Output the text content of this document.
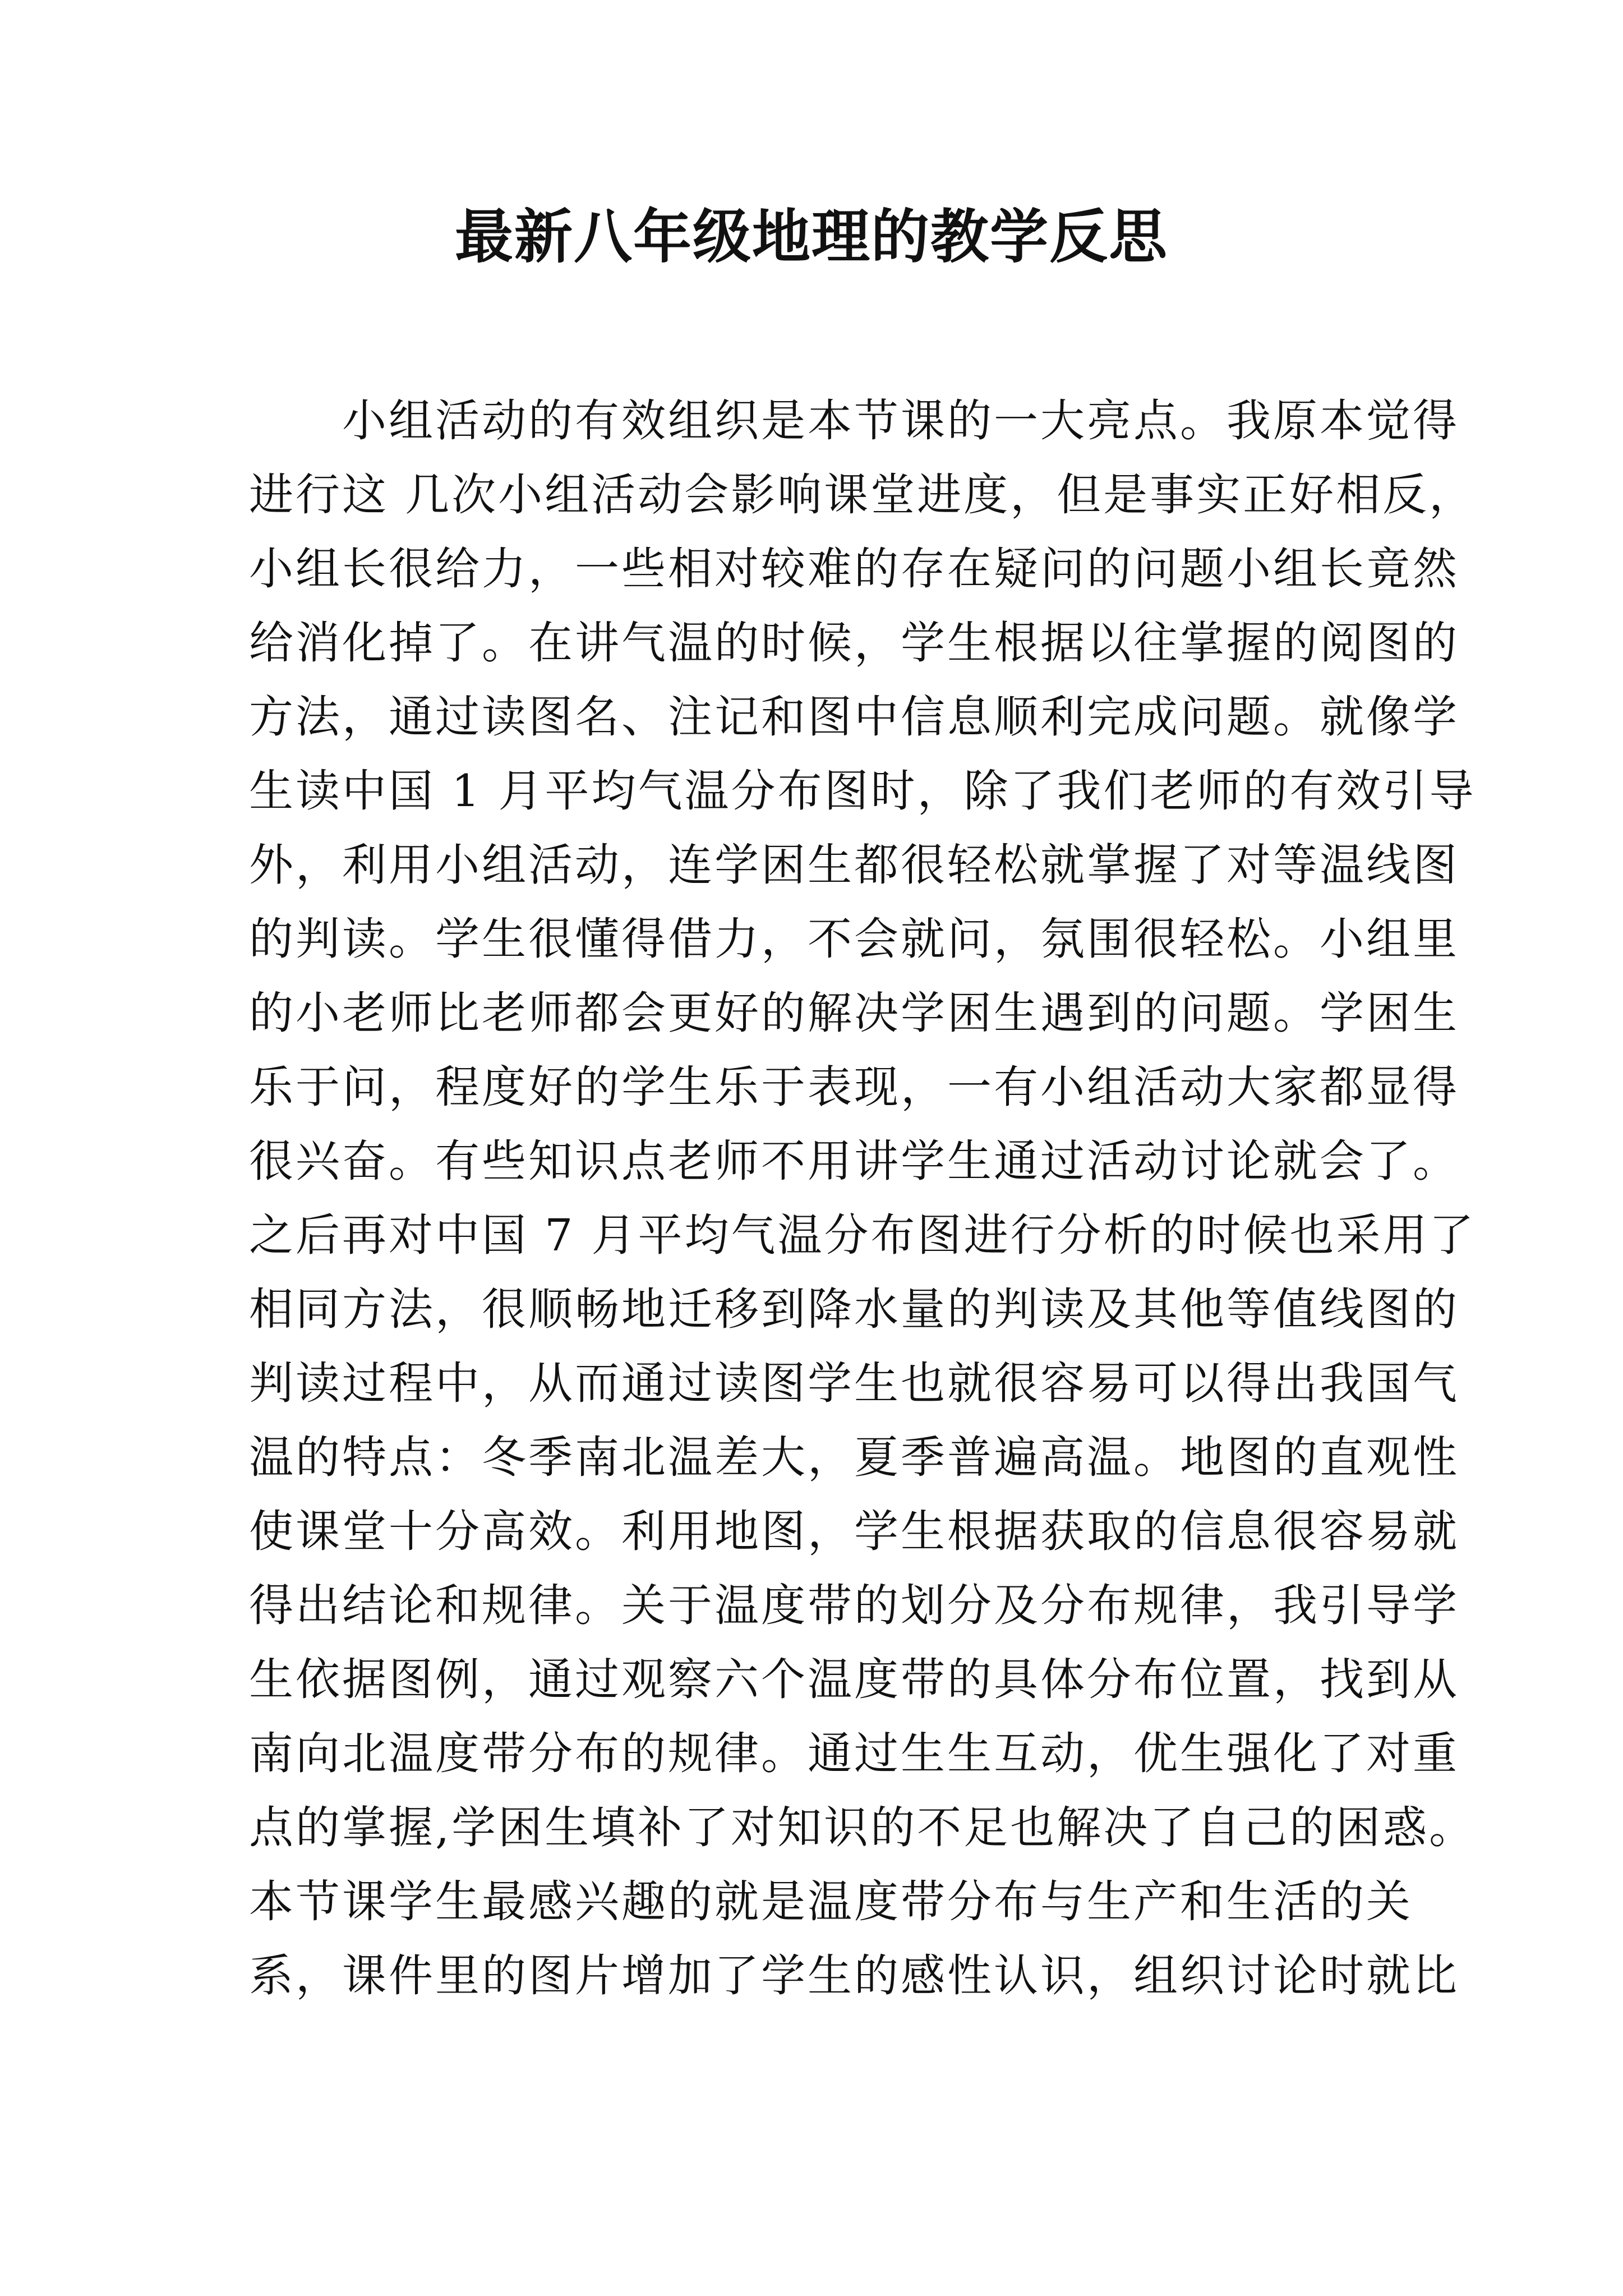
最新八年级地理的教学反思

　　小组活动的有效组织是本节课的一大亮点。我原本觉得

进行这 几次小组活动会影响课堂进度，但是事实正好相反，

小组长很给力，一些相对较难的存在疑问的问题小组长竟然

给消化掉了。在讲气温的时候，学生根据以往掌握的阅图的

方法，通过读图名、注记和图中信息顺利完成问题。就像学

生读中国 1 月平均气温分布图时，除了我们老师的有效引导

外，利用小组活动，连学困生都很轻松就掌握了对等温线图

的判读。学生很懂得借力，不会就问，氛围很轻松。小组里

的小老师比老师都会更好的解决学困生遇到的问题。学困生

乐于问，程度好的学生乐于表现，一有小组活动大家都显得

很兴奋。有些知识点老师不用讲学生通过活动讨论就会了。

之后再对中国 7 月平均气温分布图进行分析的时候也采用了

相同方法，很顺畅地迁移到降水量的判读及其他等值线图的

判读过程中，从而通过读图学生也就很容易可以得出我国气

温的特点：冬季南北温差大，夏季普遍高温。地图的直观性

使课堂十分高效。利用地图，学生根据获取的信息很容易就

得出结论和规律。关于温度带的划分及分布规律，我引导学

生依据图例，通过观察六个温度带的具体分布位置，找到从

南向北温度带分布的规律。通过生生互动，优生强化了对重

点的掌握,学困生填补了对知识的不足也解决了自己的困惑。

本节课学生最感兴趣的就是温度带分布与生产和生活的关

系，课件里的图片增加了学生的感性认识，组织讨论时就比
